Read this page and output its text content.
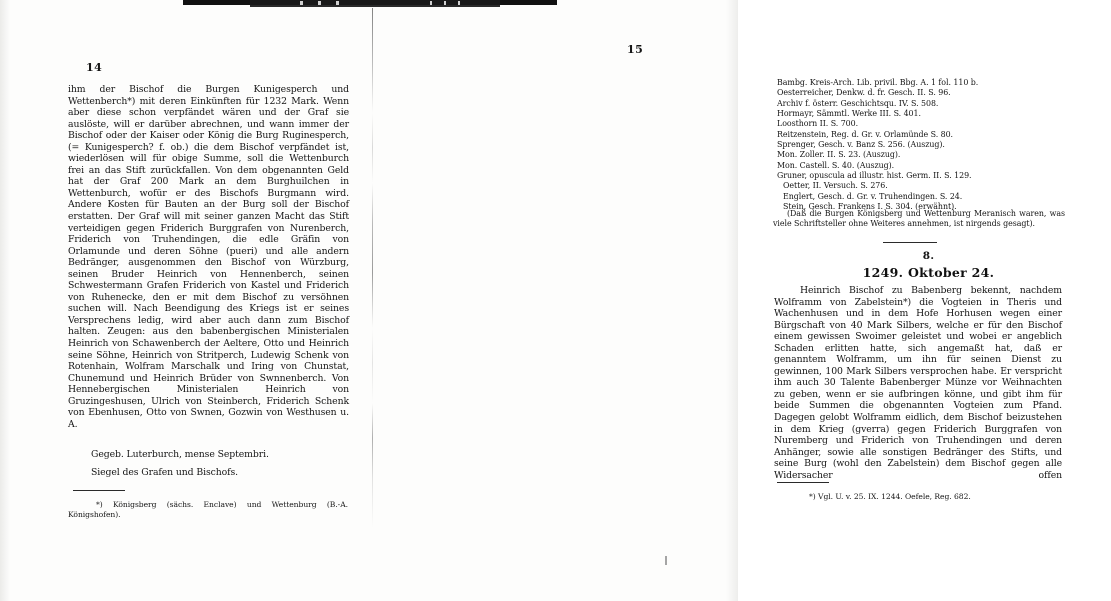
14

ihm der Bischof die Burgen Kunigesperch und Wettenberch*) mit deren Einkünften für 1232 Mark. Wenn aber diese schon verpfändet wären und der Graf sie auslöste, will er darüber abrechnen, und wann immer der Bischof oder der Kaiser oder König die Burg Ruginesperch, (= Kunigesperch? f. ob.) die dem Bischof verpfändet ist, wiederlösen will für obige Summe, soll die Wettenburch frei an das Stift zurückfallen. Von dem obgenannten Geld hat der Graf 200 Mark an dem Burghuilchen in Wettenburch, wofür er des Bischofs Burgmann wird. Andere Kosten für Bauten an der Burg soll der Bischof erstatten. Der Graf will mit seiner ganzen Macht das Stift verteidigen gegen Friderich Burggrafen von Nurenberch, Friderich von Truhendingen, die edle Gräfin von Orlamunde und deren Söhne (pueri) und alle andern Bedränger, ausgenommen den Bischof von Würzburg, seinen Bruder Heinrich von Hennenberch, seinen Schwestermann Grafen Friderich von Kastel und Friderich von Ruhenecke, den er mit dem Bischof zu versöhnen suchen will. Nach Beendigung des Kriegs ist er seines Versprechens ledig, wird aber auch dann zum Bischof halten. Zeugen: aus den babenbergischen Ministerialen Heinrich von Schawenberch der Aeltere, Otto und Heinrich seine Söhne, Heinrich von Stritperch, Ludewig Schenk von Rotenhain, Wolfram Marschalk und Iring von Chunstat, Chunemund und Heinrich Brüder von Swnnenberch. Von Hennebergischen Ministerialen Heinrich von Gruzingeshusen, Ulrich von Steinberch, Friderich Schenk von Ebenhusen, Otto von Swnen, Gozwin von Westhusen u. A.

Gegeb. Luterburch, mense Septembri.
Siegel des Grafen und Bischofs.
*) Königsberg (sächs. Enclave) und Wettenburg (B.-A. Königshofen).
15
Bambg. Kreis-Arch. Lib. privil. Bbg. A. 1 fol. 110 b.
Oesterreicher, Denkw. d. fr. Gesch. II. S. 96.
Archiv f. österr. Geschichtsqu. IV. S. 508.
Hormayr, Sämmtl. Werke III. S. 401.
Loosthorn II. S. 700.
Reitzenstein, Reg. d. Gr. v. Orlamünde S. 80.
Sprenger, Gesch. v. Banz S. 256. (Auszug).
Mon. Zoller. II. S. 23. (Auszug).
Mon. Castell. S. 40. (Auszug).
Gruner, opuscula ad illustr. hist. Germ. II. S. 129.
Oetter, II. Versuch. S. 276.
Englert, Gesch. d. Gr. v. Truhendingen. S. 24.
Stein, Gesch. Frankens I. S. 304. (erwähnt).
(Daß die Burgen Königsberg und Wettenburg Meranisch waren, was viele Schriftsteller ohne Weiteres annehmen, ist nirgends gesagt).
8.
1249. Oktober 24.

Heinrich Bischof zu Babenberg bekennt, nachdem Wolframm von Zabelstein*) die Vogteien in Theris und Wachenhusen und in dem Hofe Horhusen wegen einer Bürgschaft von 40 Mark Silbers, welche er für den Bischof einem gewissen Swoimer geleistet und wobei er angeblich Schaden erlitten hatte, sich angemaßt hat, daß er genanntem Wolframm, um ihn für seinen Dienst zu gewinnen, 100 Mark Silbers versprochen habe. Er verspricht ihm auch 30 Talente Babenberger Münze vor Weihnachten zu geben, wenn er sie aufbringen könne, und gibt ihm für beide Summen die obgenannten Vogteien zum Pfand. Dagegen gelobt Wolframm eidlich, dem Bischof beizustehen in dem Krieg (gverra) gegen Friderich Burggrafen von Nuremberg und Friderich von Truhendingen und deren Anhänger, sowie alle sonstigen Bedränger des Stifts, und seine Burg (wohl den Zabelstein) dem Bischof gegen alle Widersacher offen

*) Vgl. U. v. 25. IX. 1244. Oefele, Reg. 682.
